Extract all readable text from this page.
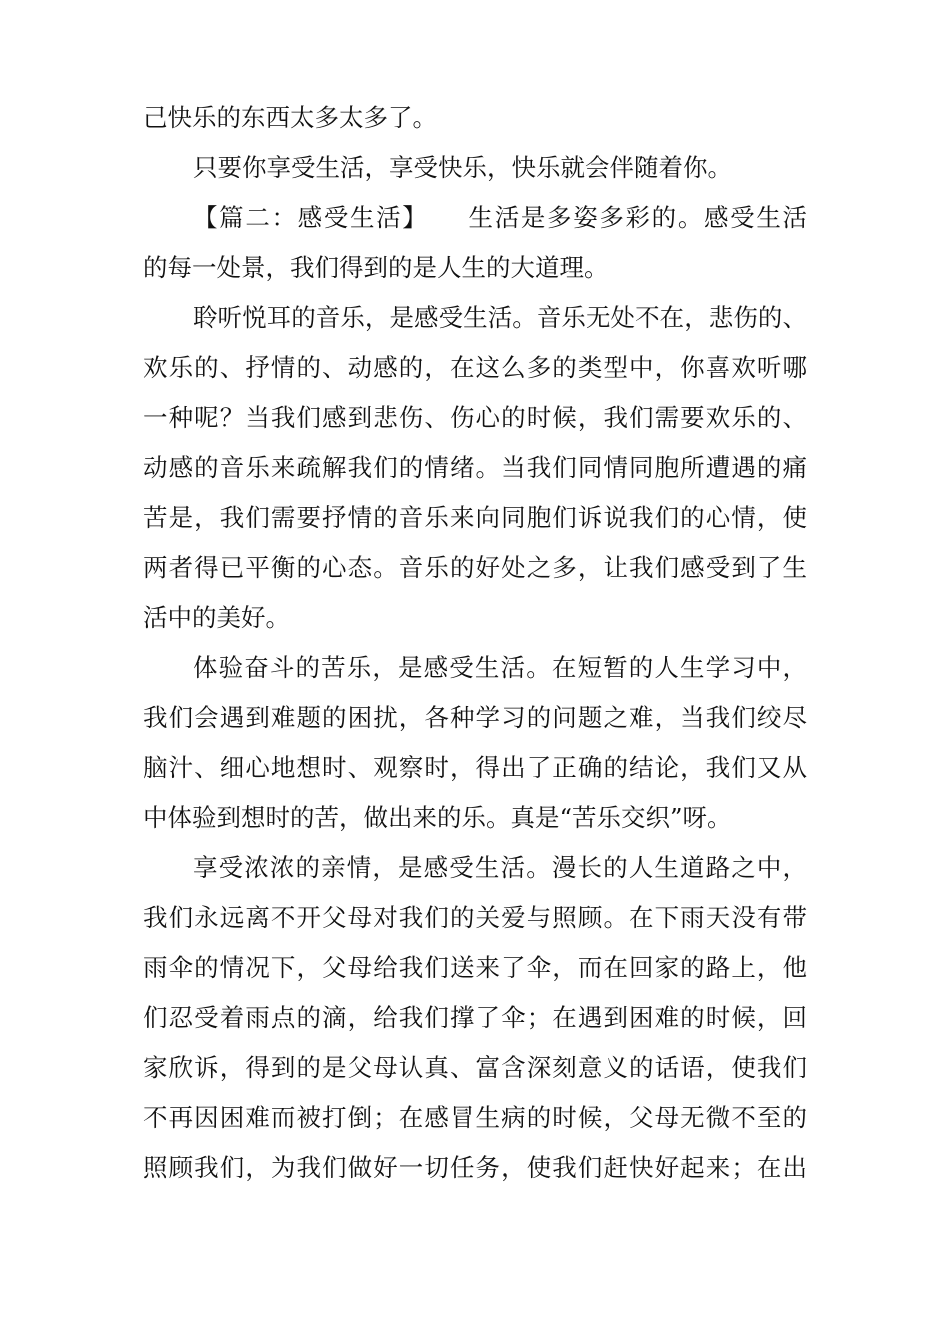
己快乐的东西太多太多了。
只要你享受生活，享受快乐，快乐就会伴随着你。
【篇二：感受生活】　　生活是多姿多彩的。感受生活
的每一处景，我们得到的是人生的大道理。
聆听悦耳的音乐，是感受生活。音乐无处不在，悲伤的、
欢乐的、抒情的、动感的，在这么多的类型中，你喜欢听哪
一种呢？当我们感到悲伤、伤心的时候，我们需要欢乐的、
动感的音乐来疏解我们的情绪。当我们同情同胞所遭遇的痛
苦是，我们需要抒情的音乐来向同胞们诉说我们的心情，使
两者得已平衡的心态。音乐的好处之多，让我们感受到了生
活中的美好。
体验奋斗的苦乐，是感受生活。在短暂的人生学习中，
我们会遇到难题的困扰，各种学习的问题之难，当我们绞尽
脑汁、细心地想时、观察时，得出了正确的结论，我们又从
中体验到想时的苦，做出来的乐。真是“苦乐交织”呀。
享受浓浓的亲情，是感受生活。漫长的人生道路之中，
我们永远离不开父母对我们的关爱与照顾。在下雨天没有带
雨伞的情况下，父母给我们送来了伞，而在回家的路上，他
们忍受着雨点的滴，给我们撑了伞；在遇到困难的时候，回
家欣诉，得到的是父母认真、富含深刻意义的话语，使我们
不再因困难而被打倒；在感冒生病的时候，父母无微不至的
照顾我们，为我们做好一切任务，使我们赶快好起来；在出
